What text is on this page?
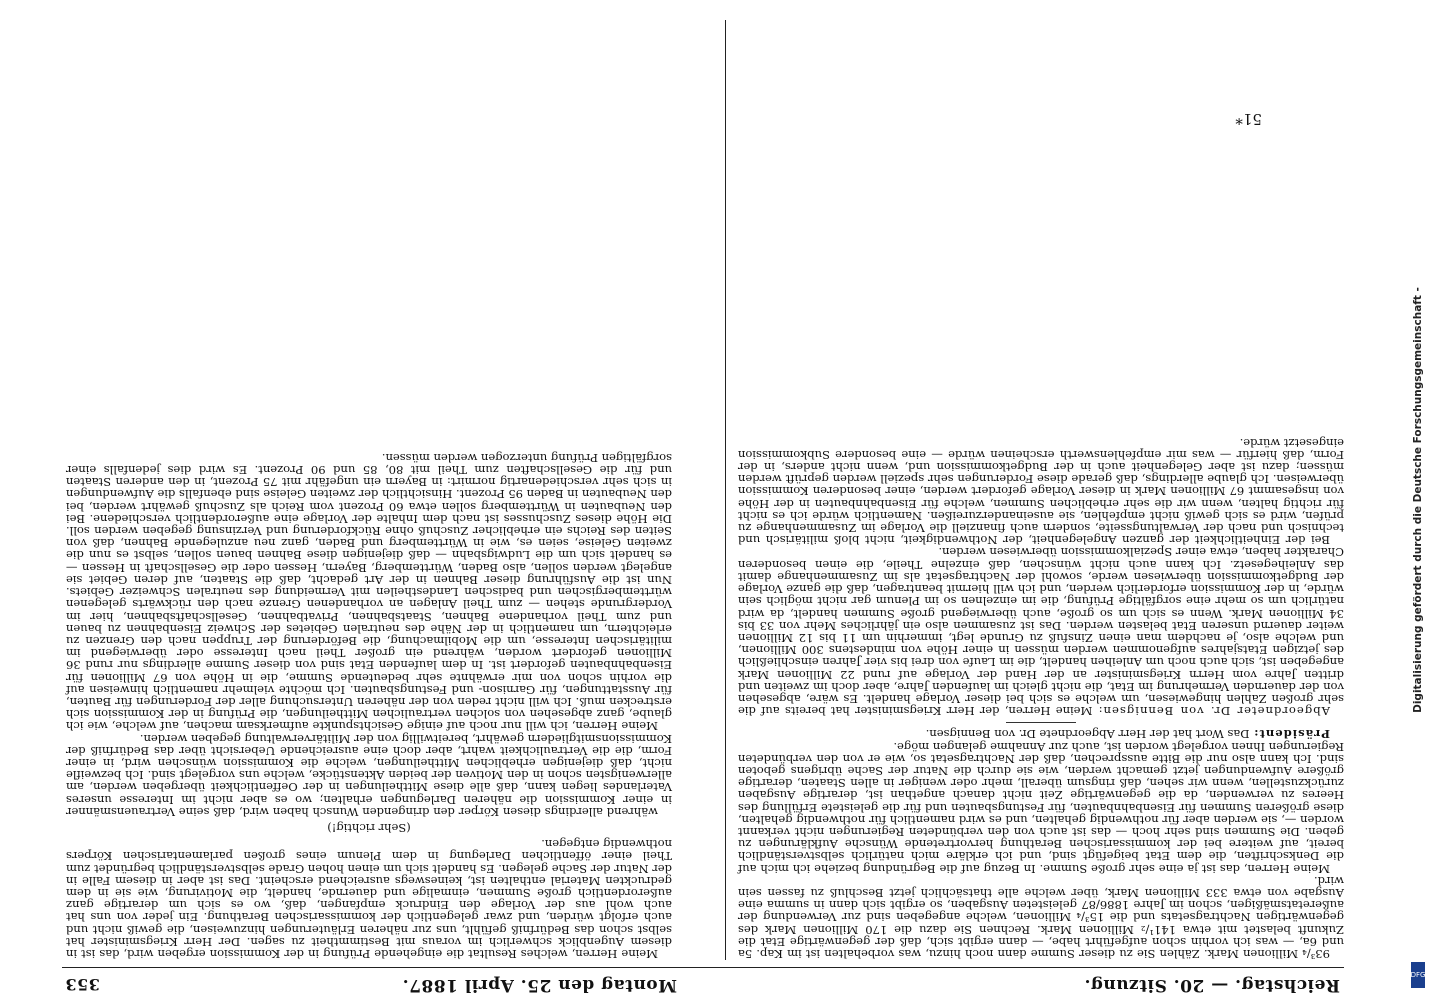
Reichstag. — 20. Sitzung.
Montag den 25. April 1887.
353

93³/₄ Millionen Mark. Zählen Sie zu dieser Summe dann noch hinzu, was vorbehalten ist im Kap. 5a und 6a, — was ich vorhin schon aufgeführt habe, — dann ergibt sich, daß der gegenwärtige Etat die Zukunft belastet mit etwa 141¹/₂ Millionen Mark. Rechnen Sie dazu die 170 Millionen Mark des gegenwärtigen Nachtragsetats und die 15³/₄ Millionen, welche angegeben sind zur Verwendung der außeretatsmäßigen, schon im Jahre 1886/87 geleisteten Ausgaben, so ergibt sich dann in summa eine Ausgabe von etwa 333 Millionen Mark, über welche alle thatsächlich jetzt Beschluß zu fassen sein wird.

Meine Herren, das ist ja eine sehr große Summe. In Bezug auf die Begründung beziehe ich mich auf die Denkschriften, die dem Etat beigefügt sind, und ich erkläre mich natürlich selbstverständlich bereit, auf weitere bei der kommissarischen Berathung hervortretende Wünsche Aufklärungen zu geben. Die Summen sind sehr hoch — das ist auch von den verbündeten Regierungen nicht verkannt worden —, sie werden aber für nothwendig gehalten, und es wird namentlich für nothwendig gehalten, diese größeren Summen für Eisenbahnbauten, für Festungsbauten und für die geleistete Erfüllung des Heeres zu verwenden, da die gegenwärtige Zeit nicht danach angethan ist, derartige Ausgaben zurückzustellen, wenn wir sehen, daß ringsum überall, mehr oder weniger in allen Staaten, derartige größere Aufwendungen jetzt gemacht werden, wie sie durch die Natur der Sache übrigens geboten sind. Ich kann also nur die Bitte aussprechen, daß der Nachtragsetat so, wie er von den verbündeten Regierungen Ihnen vorgelegt worden ist, auch zur Annahme gelangen möge.

Präsident: Das Wort hat der Herr Abgeordnete Dr. von Bennigsen.

Abgeordneter Dr. von Bennigsen: Meine Herren, der Herr Kriegsminister hat bereits auf die sehr großen Zahlen hingewiesen, um welche es sich bei dieser Vorlage handelt. Es wäre, abgesehen von der dauernden Vermehrung im Etat, die nicht gleich im laufenden Jahre, aber doch im zweiten und dritten Jahre vom Herrn Kriegsminister an der Hand der Vorlage auf rund 22 Millionen Mark angegeben ist, sich auch noch um Anleihen handelt, die im Laufe von drei bis vier Jahren einschließlich des jetzigen Etatsjahres aufgenommen werden müssen in einer Höhe von mindestens 300 Millionen, und welche also, je nachdem man einen Zinsfuß zu Grunde legt, immerhin um 11 bis 12 Millionen weiter dauernd unseren Etat belasten werden. Das ist zusammen also ein jährliches Mehr von 33 bis 34 Millionen Mark. Wenn es sich um so große, auch überwiegend große Summen handelt, da wird natürlich um so mehr eine sorgfältige Prüfung, die im einzelnen so im Plenum gar nicht möglich sein würde, in der Kommission erforderlich werden, und ich will hiermit beantragen, daß die ganze Vorlage der Budgetkommission überwiesen werde, sowohl der Nachtragsetat als im Zusammenhange damit das Anleihegesetz. Ich kann auch nicht wünschen, daß einzelne Theile, die einen besonderen Charakter haben, etwa einer Spezialkommission überwiesen werden.

Bei der Einheitlichkeit der ganzen Angelegenheit, der Nothwendigkeit, nicht bloß militärisch und technisch und nach der Verwaltungsseite, sondern auch finanziell die Vorlage im Zusammenhange zu prüfen, wird es sich gewiß nicht empfehlen, sie auseinanderzureißen. Namentlich würde ich es nicht für richtig halten, wenn wir die sehr erheblichen Summen, welche für Eisenbahnbauten in der Höhe von insgesammt 67 Millionen Mark in dieser Vorlage gefordert werden, einer besonderen Kommission überweisen. Ich glaube allerdings, daß gerade diese Forderungen sehr speziell werden geprüft werden müssen; dazu ist aber Gelegenheit auch in der Budgetkommission und, wenn nicht anders, in der Form, daß hierfür — was mir empfehlenswerth erscheinen würde — eine besondere Subkommission eingesetzt würde.

Meine Herren, welches Resultat die eingehende Prüfung in der Kommission ergeben wird, das ist in diesem Augenblick schwerlich im voraus mit Bestimmtheit zu sagen. Der Herr Kriegsminister hat selbst schon das Bedürfniß gefühlt, uns zur näheren Erläuterungen hinzuweisen, die gewiß nicht und auch erfolgt würden, und zwar gelegentlich der kommissarischen Berathung. Ein jeder von uns hat auch wohl aus der Vorlage den Eindruck empfangen, daß, wo es sich um derartige ganz außerordentlich große Summen, einmalige und dauernde, handelt, die Motivirung, wie sie in dem gedruckten Material enthalten ist, keineswegs ausreichend erscheint. Das ist aber in diesem Falle in der Natur der Sache gelegen. Es handelt sich um einen hohen Grade selbstverständlich begründet zum Theil einer öffentlichen Darlegung in dem Plenum eines großen parlamentarischen Körpers nothwendig entgegen.

(Sehr richtig!)

während allerdings diesen Körper den dringenden Wunsch haben wird, daß seine Vertrauensmänner in einer Kommission die näheren Darlegungen erhalten; wo es aber nicht im Interesse unseres Vaterlandes liegen kann, daß alle diese Mittheilungen in der Oeffentlichkeit übergeben werden, am allerwenigsten schon in den Motiven der beiden Aktenstücke, welche uns vorgelegt sind. Ich bezweifle nicht, daß diejenigen erheblichen Mittheilungen, welche die Kommission wünschen wird, in einer Form, die die Vertraulichkeit wahrt, aber doch eine ausreichende Uebersicht über das Bedürfniß der Kommissionsmitgliedern gewährt, bereitwillig von der Militärverwaltung gegeben werden.

Meine Herren, ich will nur noch auf einige Gesichtspunkte aufmerksam machen, auf welche, wie ich glaube, ganz abgesehen von solchen vertraulichen Mittheilungen, die Prüfung in der Kommission sich erstrecken muß. Ich will nicht reden von der näheren Untersuchung aller der Forderungen für Bauten, für Ausstattungen, für Garnison- und Festungsbauten. Ich möchte vielmehr namentlich hinweisen auf die vorhin schon von mir erwähnte sehr bedeutende Summe, die in Höhe von 67 Millionen für Eisenbahnbauten gefordert ist. In dem laufenden Etat sind von dieser Summe allerdings nur rund 36 Millionen gefordert worden, während ein großer Theil nach Interesse oder überwiegend im militärischen Interesse, um die Mobilmachung, die Beförderung der Truppen nach den Grenzen zu erleichtern, um namentlich in der Nähe des neutralen Gebietes der Schweiz Eisenbahnen zu bauen und zum Theil vorhandene Bahnen, Staatsbahnen, Privatbahnen, Gesellschaftsbahnen, hier im Vordergrunde stehen — zum Theil Anlagen an vorhandenen Grenze nach den rückwärts gelegenen württembergischen und badischen Landestheilen mit Vermeidung des neutralen Schweizer Gebiets. Nun ist die Ausführung dieser Bahnen in der Art gedacht, daß die Staaten, auf deren Gebiet sie angelegt werden sollen, also Baden, Württemberg, Bayern, Hessen oder die Gesellschaft in Hessen — es handelt sich um die Ludwigsbahn — daß diejenigen diese Bahnen bauen sollen, selbst es nun die zweiten Geleise, seien es, wie in Württemberg und Baden, ganz neu anzulegende Bahnen, daß von Seiten des Reichs ein erheblicher Zuschuß ohne Rückforderung und Verzinsung gegeben werden soll. Die Höhe dieses Zuschusses ist nach dem Inhalte der Vorlage eine außerordentlich verschiedene. Bei den Neubauten in Württemberg sollen etwa 60 Prozent vom Reich als Zuschuß gewährt werden, bei den Neubauten in Baden 95 Prozent. Hinsichtlich der zweiten Geleise sind ebenfalls die Aufwendungen in sich sehr verschiedenartig normirt: in Bayern ein ungefähr mit 75 Prozent, in den anderen Staaten und für die Gesellschaften zum Theil mit 80, 85 und 90 Prozent. Es wird dies jedenfalls einer sorgfältigen Prüfung unterzogen werden müssen.

51*
Digitalisierung gefördert durch die Deutsche Forschungsgemeinschaft -
DFG
